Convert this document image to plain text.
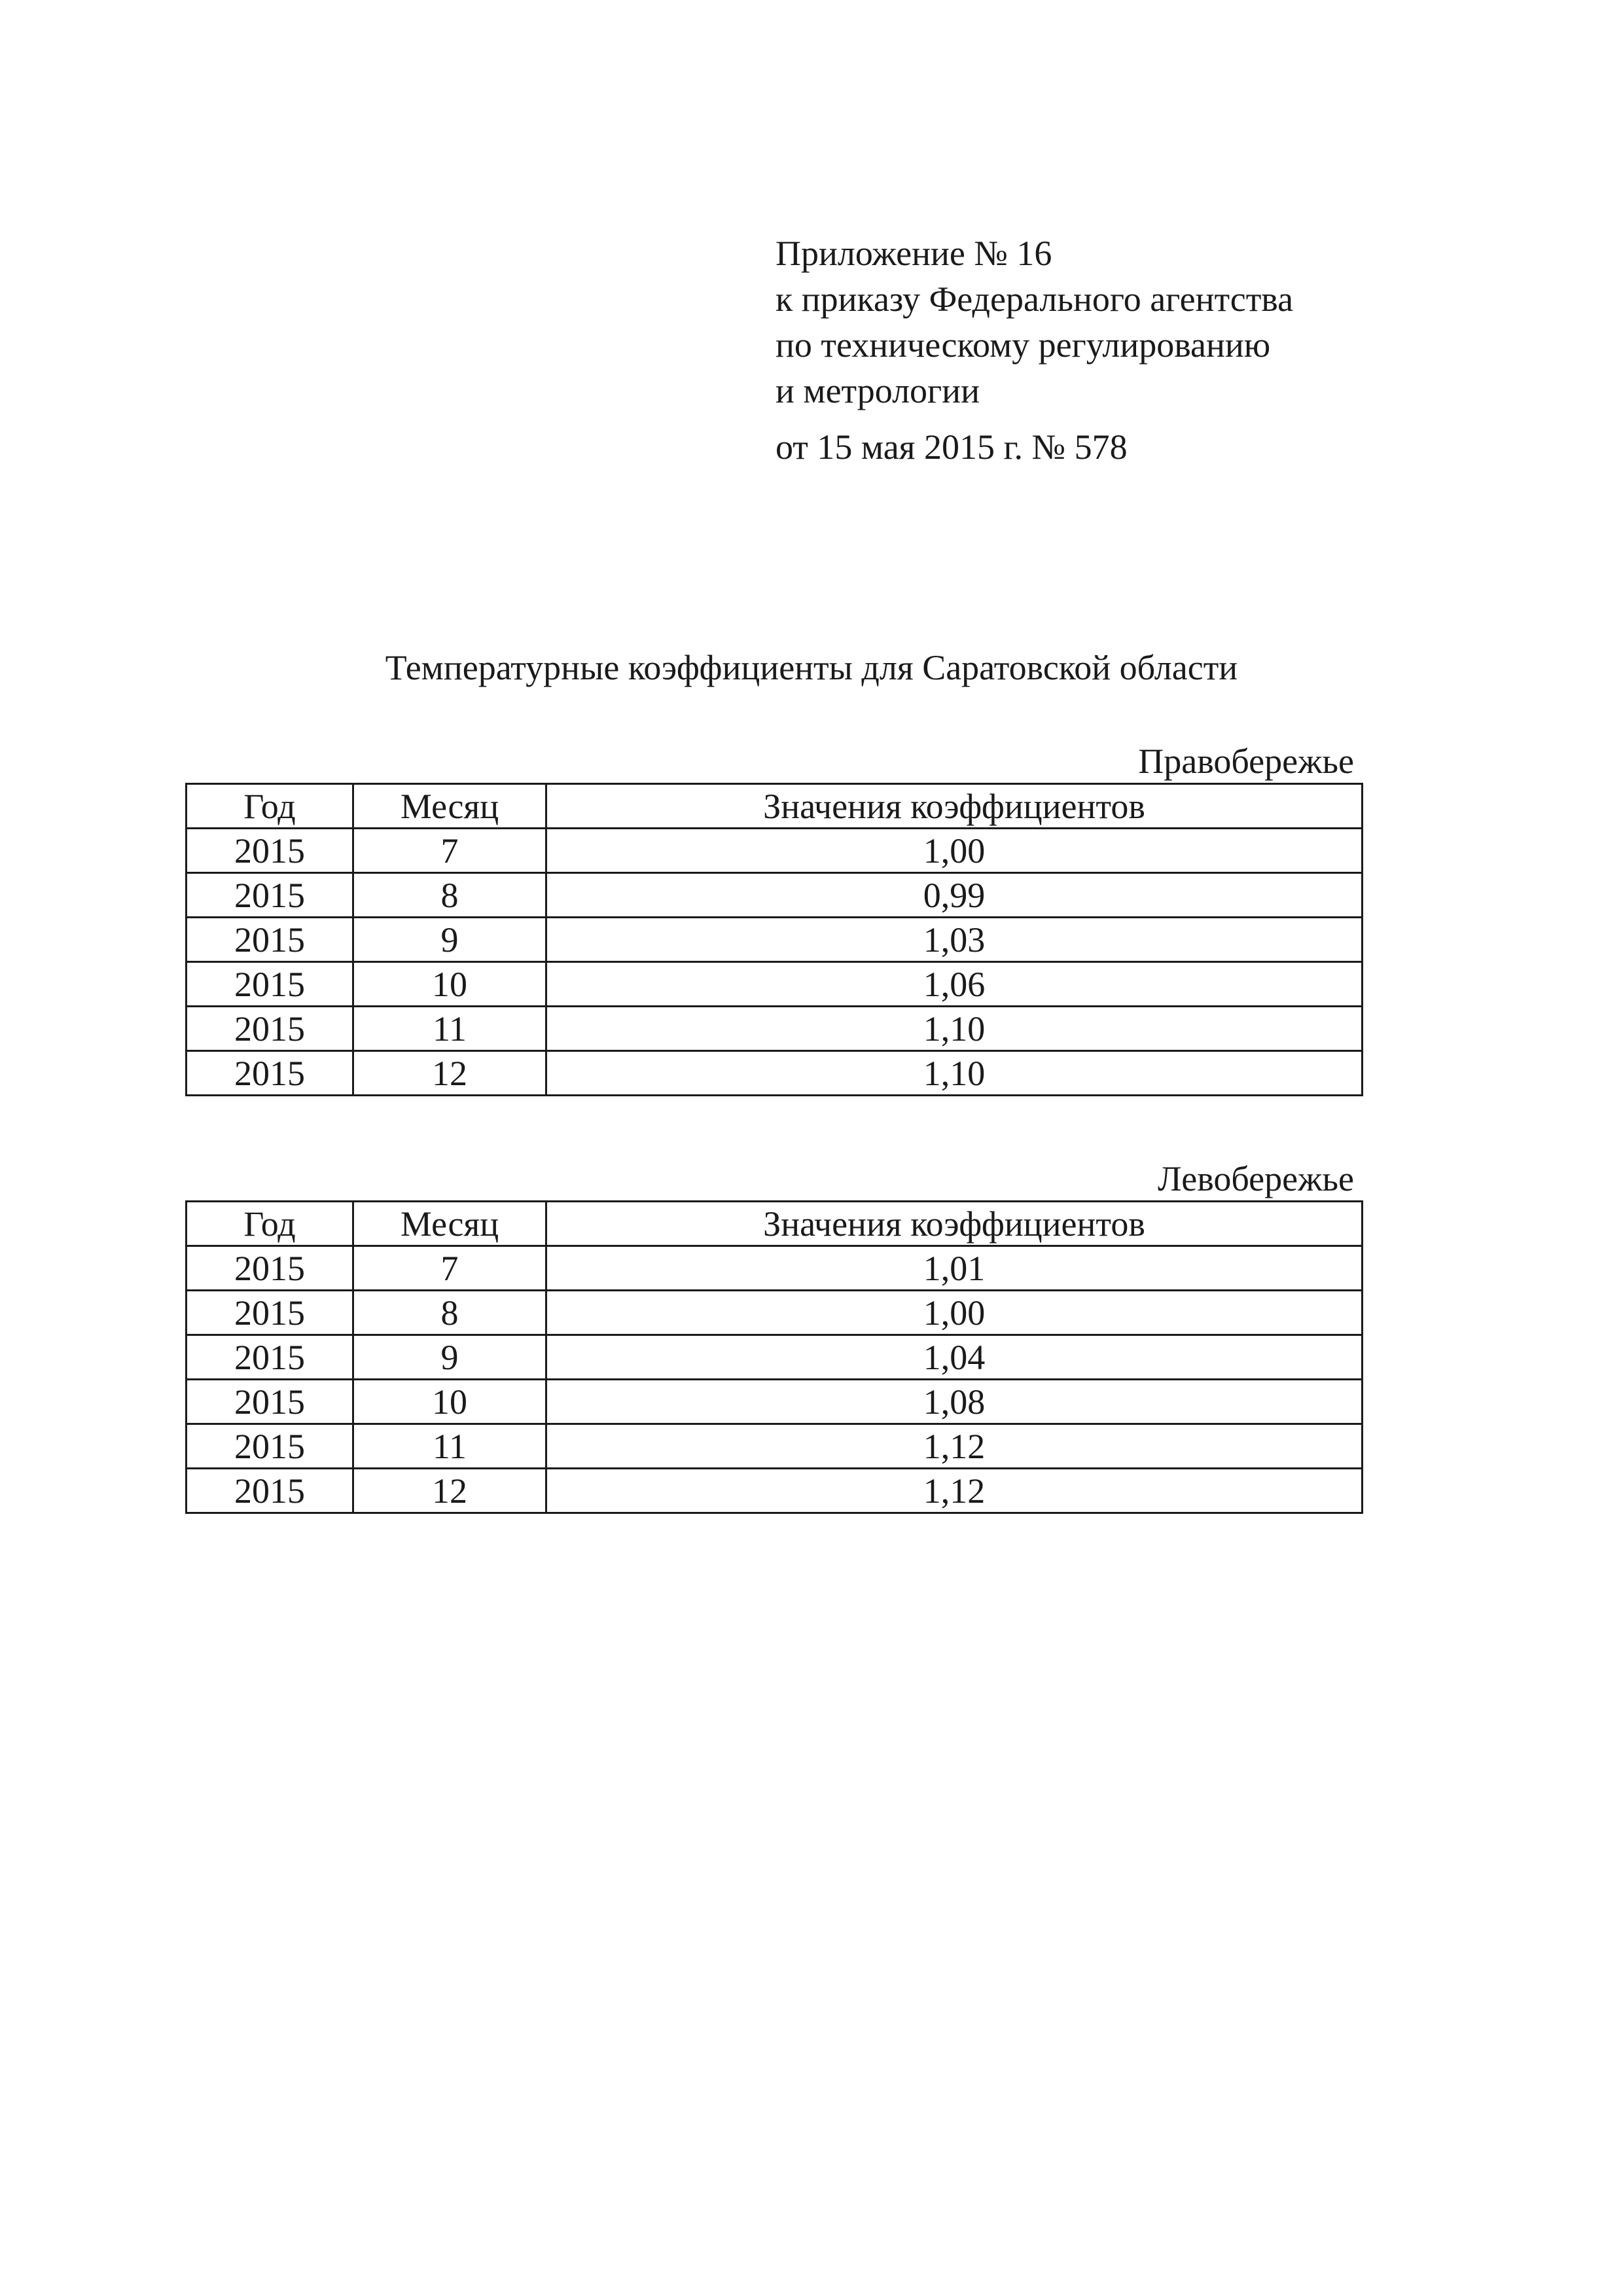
Приложение № 16
к приказу Федерального агентства
по техническому регулированию
и метрологии
от 15 мая 2015 г. № 578
Температурные коэффициенты для Саратовской области
Правобережье
Год	Месяц	Значения коэффициентов
2015	7	1,00
2015	8	0,99
2015	9	1,03
2015	10	1,06
2015	11	1,10
2015	12	1,10
Левобережье
Год	Месяц	Значения коэффициентов
2015	7	1,01
2015	8	1,00
2015	9	1,04
2015	10	1,08
2015	11	1,12
2015	12	1,12
